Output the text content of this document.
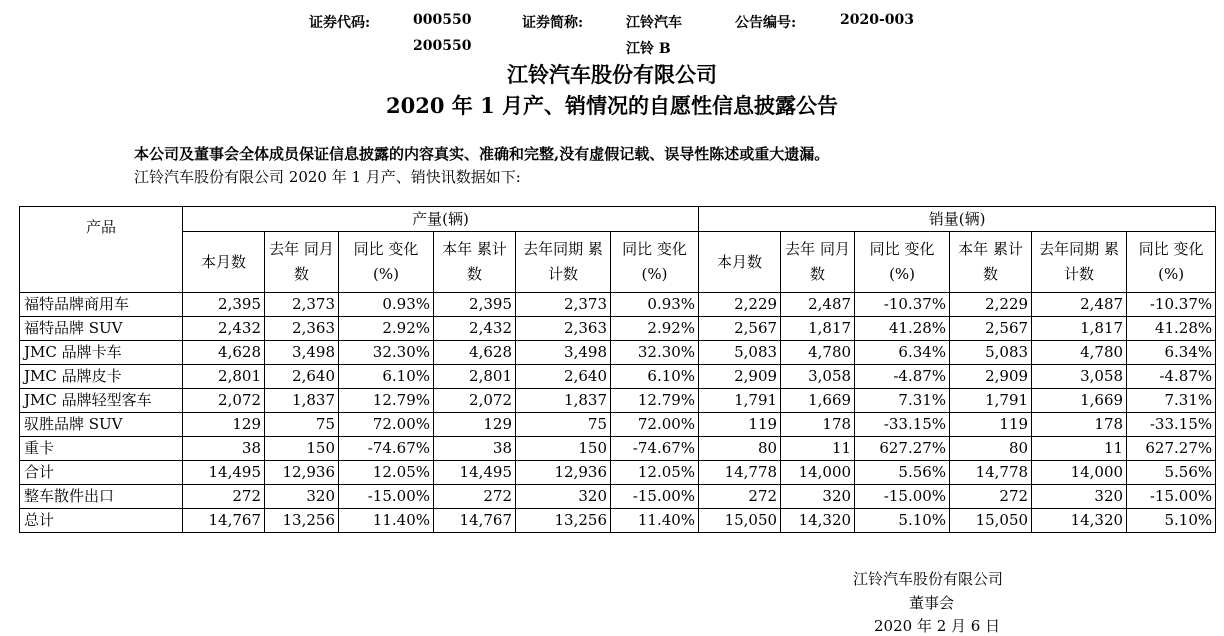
证券代码:	000550
200550
证券简称:	江铃汽车
江铃 B
公告编号:	2020-003
江铃汽车股份有限公司
2020 年 1 月产、销情况的自愿性信息披露公告
本公司及董事会全体成员保证信息披露的内容真实、准确和完整,没有虚假记载、误导性陈述或重大遗漏。
江铃汽车股份有限公司 2020 年 1 月产、销快讯数据如下:
产品	产量(辆)						销量(辆)					
	本月数	去年 同月数	同比 变化(%)	本年 累计数	去年同期 累计数	同比 变化(%)	本月数	去年 同月数	同比 变化(%)	本年 累计数	去年同期 累计数	同比 变化(%)
福特品牌商用车	2,395	2,373	0.93%	2,395	2,373	0.93%	2,229	2,487	-10.37%	2,229	2,487	-10.37%
福特品牌 SUV	2,432	2,363	2.92%	2,432	2,363	2.92%	2,567	1,817	41.28%	2,567	1,817	41.28%
JMC 品牌卡车	4,628	3,498	32.30%	4,628	3,498	32.30%	5,083	4,780	6.34%	5,083	4,780	6.34%
JMC 品牌皮卡	2,801	2,640	6.10%	2,801	2,640	6.10%	2,909	3,058	-4.87%	2,909	3,058	-4.87%
JMC 品牌轻型客车	2,072	1,837	12.79%	2,072	1,837	12.79%	1,791	1,669	7.31%	1,791	1,669	7.31%
驭胜品牌 SUV	129	75	72.00%	129	75	72.00%	119	178	-33.15%	119	178	-33.15%
重卡	38	150	-74.67%	38	150	-74.67%	80	11	627.27%	80	11	627.27%
合计	14,495	12,936	12.05%	14,495	12,936	12.05%	14,778	14,000	5.56%	14,778	14,000	5.56%
整车散件出口	272	320	-15.00%	272	320	-15.00%	272	320	-15.00%	272	320	-15.00%
总计	14,767	13,256	11.40%	14,767	13,256	11.40%	15,050	14,320	5.10%	15,050	14,320	5.10%
江铃汽车股份有限公司
董事会
2020 年 2 月 6 日
